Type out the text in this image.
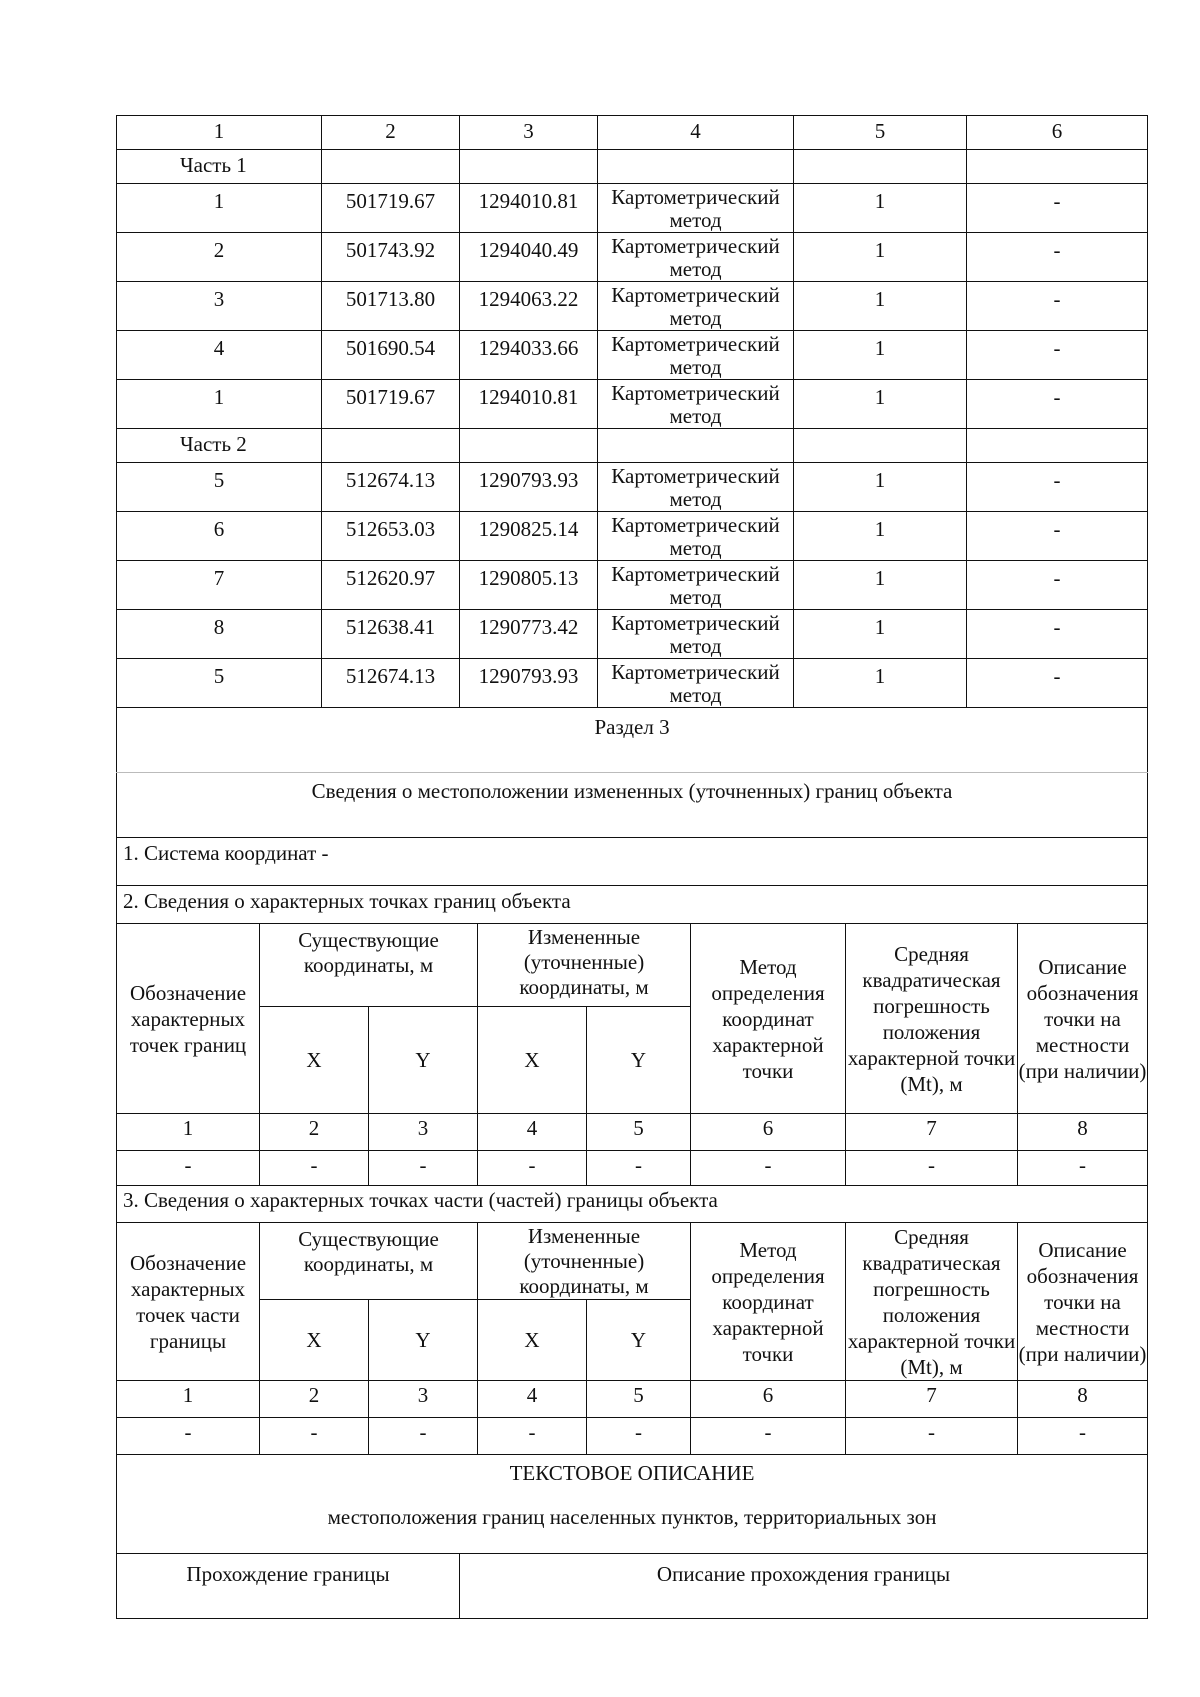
1	2	3	4	5	6
Часть 1					
1	501719.67	1294010.81	Картометрический метод	1	-
2	501743.92	1294040.49	Картометрический метод	1	-
3	501713.80	1294063.22	Картометрический метод	1	-
4	501690.54	1294033.66	Картометрический метод	1	-
1	501719.67	1294010.81	Картометрический метод	1	-
Часть 2					
5	512674.13	1290793.93	Картометрический метод	1	-
6	512653.03	1290825.14	Картометрический метод	1	-
7	512620.97	1290805.13	Картометрический метод	1	-
8	512638.41	1290773.42	Картометрический метод	1	-
5	512674.13	1290793.93	Картометрический метод	1	-
Раздел 3							
Сведения о местоположении измененных (уточненных) границ объекта							
1. Система координат -							
2. Сведения о характерных точках границ объекта							
Обозначение характерных точек границ	Существующие координаты, м		Измененные (уточненные) координаты, м		Метод определения координат характерной точки	Средняя квадратическая погрешность положения характерной точки (Mt), м	Описание обозначения точки на местности (при наличии)
	X	Y	X	Y			
1	2	3	4	5	6	7	8
-	-	-	-	-	-	-	-
3. Сведения о характерных точках части (частей) границы объекта							
Обозначение характерных точек части границы	Существующие координаты, м		Измененные (уточненные) координаты, м		Метод определения координат характерной точки	Средняя квадратическая погрешность положения характерной точки (Mt), м	Описание обозначения точки на местности (при наличии)
	X	Y	X	Y			
1	2	3	4	5	6	7	8
-	-	-	-	-	-	-	-
ТЕКСТОВОЕ ОПИСАНИЕ							
местоположения границ населенных пунктов, территориальных зон							
Прохождение границы	Описание прохождения границы
